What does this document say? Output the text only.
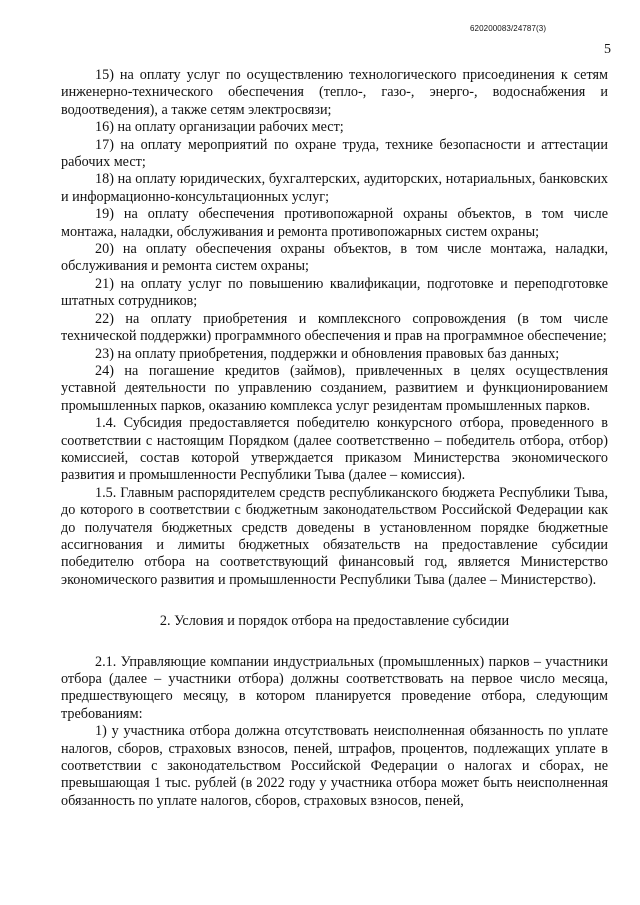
620200083/24787(3)
5

15) на оплату услуг по осуществлению технологического присоединения к сетям инженерно-технического обеспечения (тепло-, газо-, энерго-, водоснабжения и водоотведения), а также сетям электросвязи;

16) на оплату организации рабочих мест;

17) на оплату мероприятий по охране труда, технике безопасности и аттестации рабочих мест;

18) на оплату юридических, бухгалтерских, аудиторских, нотариальных, банковских и информационно-консультационных услуг;

19) на оплату обеспечения противопожарной охраны объектов, в том числе монтажа, наладки, обслуживания и ремонта противопожарных систем охраны;

20) на оплату обеспечения охраны объектов, в том числе монтажа, наладки, обслуживания и ремонта систем охраны;

21) на оплату услуг по повышению квалификации, подготовке и переподготовке штатных сотрудников;

22) на оплату приобретения и комплексного сопровождения (в том числе технической поддержки) программного обеспечения и прав на программное обеспечение;

23) на оплату приобретения, поддержки и обновления правовых баз данных;

24) на погашение кредитов (займов), привлеченных в целях осуществления уставной деятельности по управлению созданием, развитием и функционированием промышленных парков, оказанию комплекса услуг резидентам промышленных парков.

1.4. Субсидия предоставляется победителю конкурсного отбора, проведенного в соответствии с настоящим Порядком (далее соответственно – победитель отбора, отбор) комиссией, состав которой утверждается приказом Министерства экономического развития и промышленности Республики Тыва (далее – комиссия).

1.5. Главным распорядителем средств республиканского бюджета Республики Тыва, до которого в соответствии с бюджетным законодательством Российской Федерации как до получателя бюджетных средств доведены в установленном порядке бюджетные ассигнования и лимиты бюджетных обязательств на предоставление субсидии победителю отбора на соответствующий финансовый год, является Министерство экономического развития и промышленности Республики Тыва (далее – Министерство).

2. Условия и порядок отбора на предоставление субсидии

2.1. Управляющие компании индустриальных (промышленных) парков – участники отбора (далее – участники отбора) должны соответствовать на первое число месяца, предшествующего месяцу, в котором планируется проведение отбора, следующим требованиям:

1) у участника отбора должна отсутствовать неисполненная обязанность по уплате налогов, сборов, страховых взносов, пеней, штрафов, процентов, подлежащих уплате в соответствии с законодательством Российской Федерации о налогах и сборах, не превышающая 1 тыс. рублей (в 2022 году у участника отбора может быть неисполненная обязанность по уплате налогов, сборов, страховых взносов, пеней,
